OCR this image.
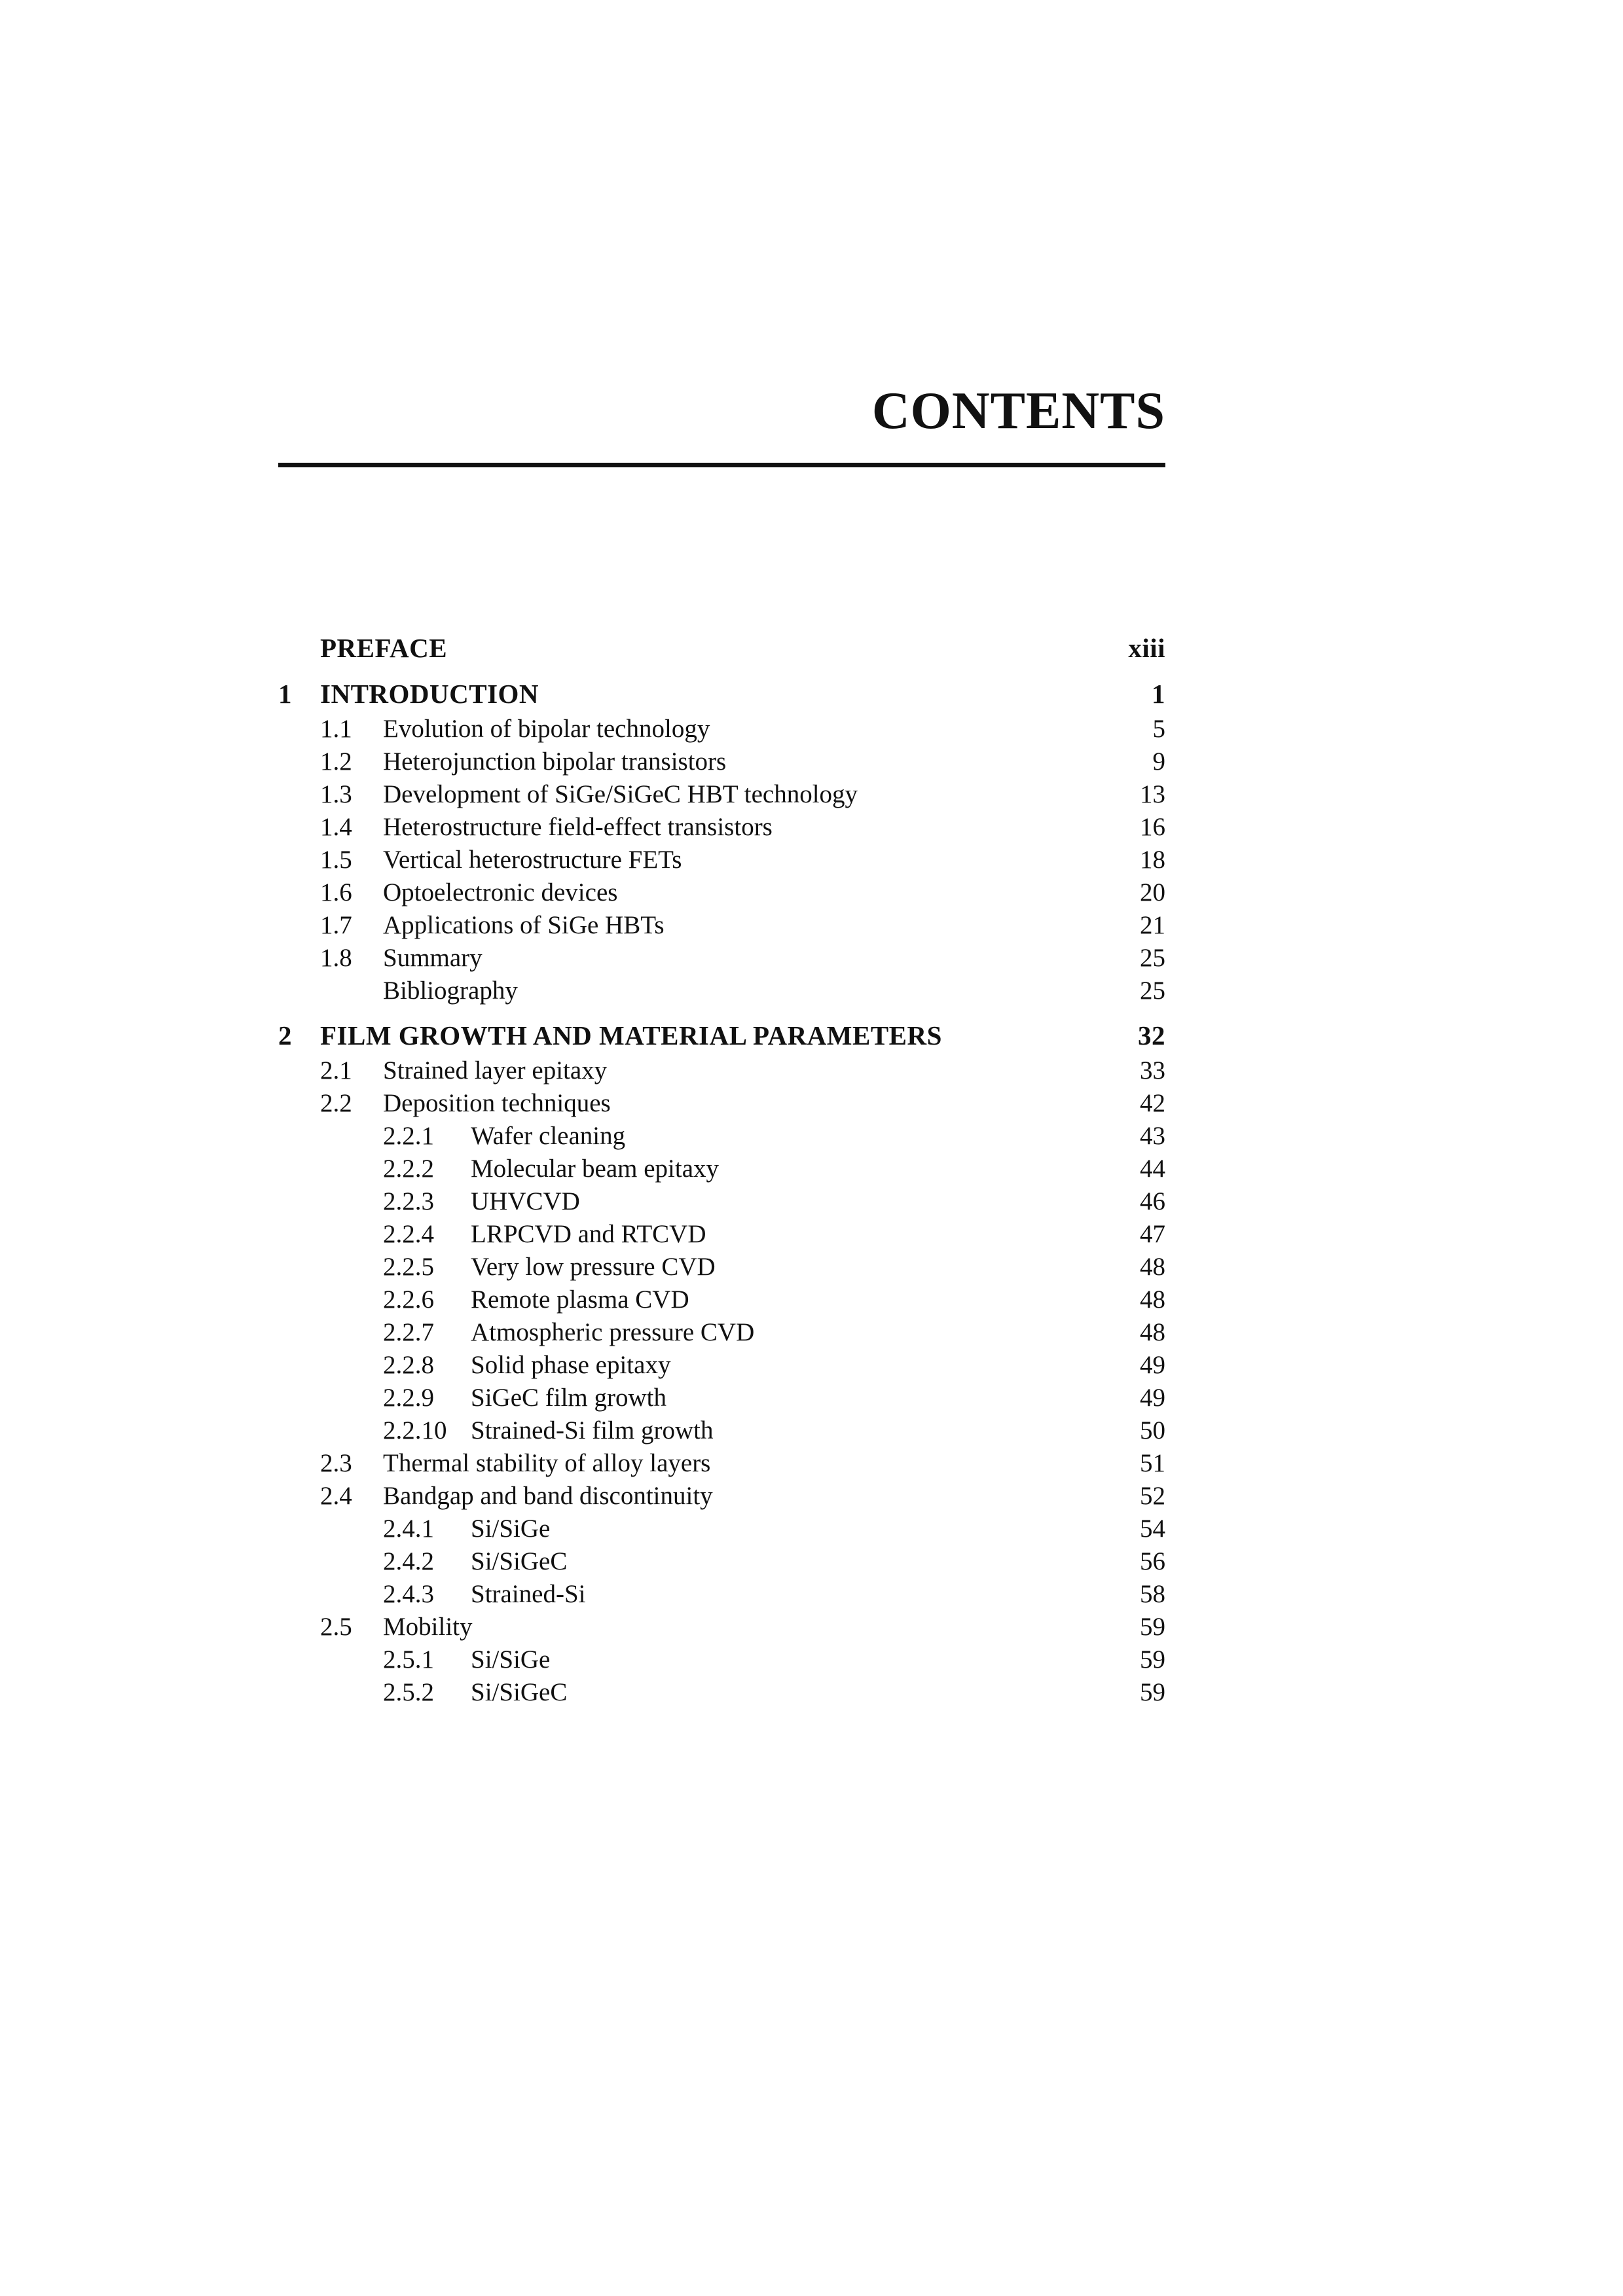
CONTENTS
PREFACE	xiii
1 INTRODUCTION	1
1.1 Evolution of bipolar technology	5
1.2 Heterojunction bipolar transistors	9
1.3 Development of SiGe/SiGeC HBT technology	13
1.4 Heterostructure field-effect transistors	16
1.5 Vertical heterostructure FETs	18
1.6 Optoelectronic devices	20
1.7 Applications of SiGe HBTs	21
1.8 Summary	25
Bibliography	25
2 FILM GROWTH AND MATERIAL PARAMETERS	32
2.1 Strained layer epitaxy	33
2.2 Deposition techniques	42
2.2.1 Wafer cleaning	43
2.2.2 Molecular beam epitaxy	44
2.2.3 UHVCVD	46
2.2.4 LRPCVD and RTCVD	47
2.2.5 Very low pressure CVD	48
2.2.6 Remote plasma CVD	48
2.2.7 Atmospheric pressure CVD	48
2.2.8 Solid phase epitaxy	49
2.2.9 SiGeC film growth	49
2.2.10 Strained-Si film growth	50
2.3 Thermal stability of alloy layers	51
2.4 Bandgap and band discontinuity	52
2.4.1 Si/SiGe	54
2.4.2 Si/SiGeC	56
2.4.3 Strained-Si	58
2.5 Mobility	59
2.5.1 Si/SiGe	59
2.5.2 Si/SiGeC	59
